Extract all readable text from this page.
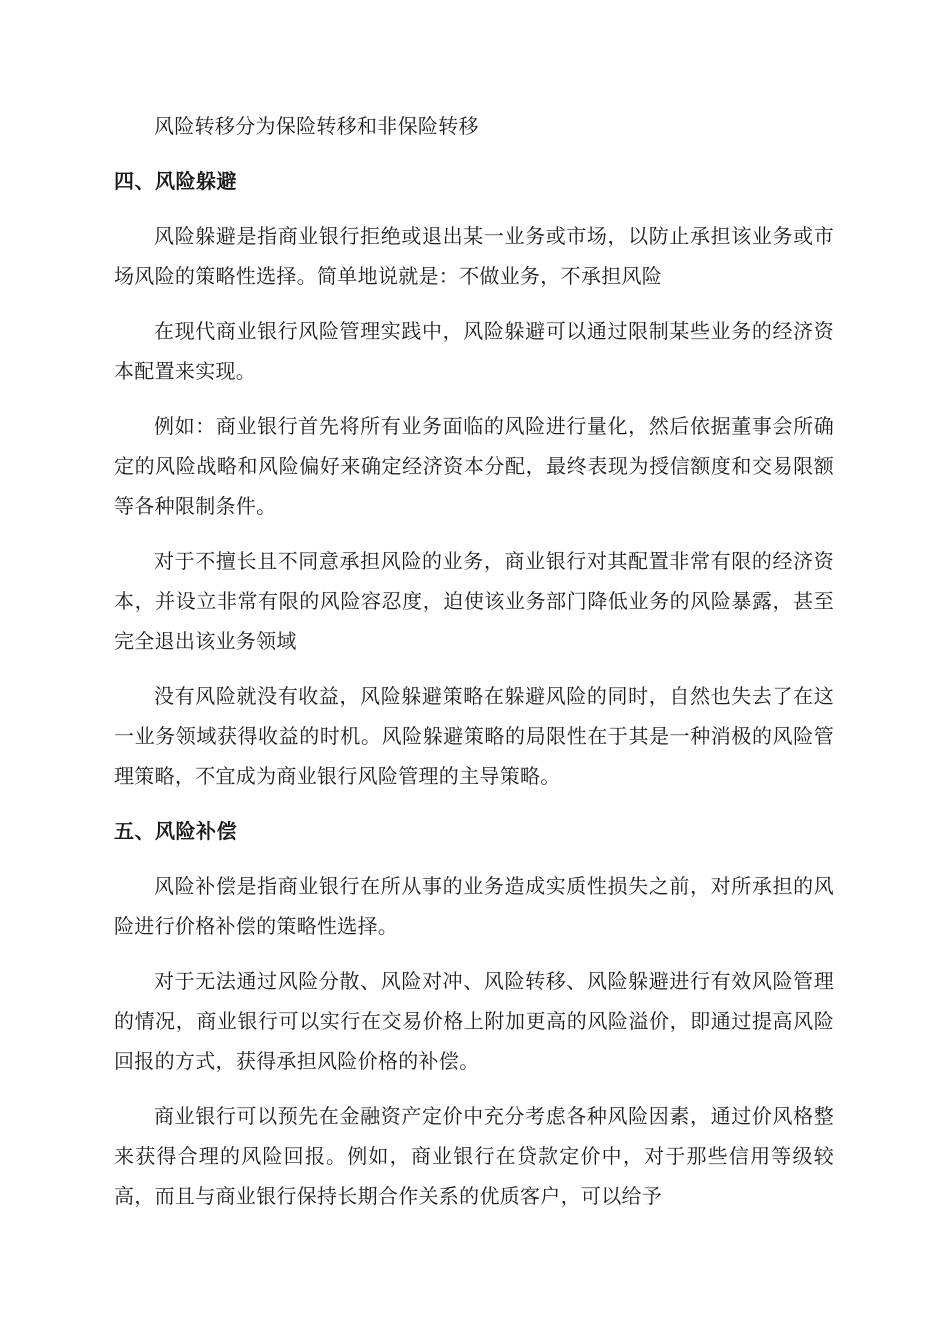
风险转移分为保险转移和非保险转移

四、风险躲避

风险躲避是指商业银行拒绝或退出某一业务或市场，以防止承担该业务或市场风险的策略性选择。简单地说就是：不做业务，不承担风险

在现代商业银行风险管理实践中，风险躲避可以通过限制某些业务的经济资本配置来实现。

例如：商业银行首先将所有业务面临的风险进行量化，然后依据董事会所确定的风险战略和风险偏好来确定经济资本分配，最终表现为授信额度和交易限额等各种限制条件。

对于不擅长且不同意承担风险的业务，商业银行对其配置非常有限的经济资本，并设立非常有限的风险容忍度，迫使该业务部门降低业务的风险暴露，甚至完全退出该业务领域

没有风险就没有收益，风险躲避策略在躲避风险的同时，自然也失去了在这一业务领域获得收益的时机。风险躲避策略的局限性在于其是一种消极的风险管理策略，不宜成为商业银行风险管理的主导策略。

五、风险补偿

风险补偿是指商业银行在所从事的业务造成实质性损失之前，对所承担的风险进行价格补偿的策略性选择。

对于无法通过风险分散、风险对冲、风险转移、风险躲避进行有效风险管理的情况，商业银行可以实行在交易价格上附加更高的风险溢价，即通过提高风险回报的方式，获得承担风险价格的补偿。

商业银行可以预先在金融资产定价中充分考虑各种风险因素，通过价风格整来获得合理的风险回报。例如，商业银行在贷款定价中，对于那些信用等级较高，而且与商业银行保持长期合作关系的优质客户，可以给予
